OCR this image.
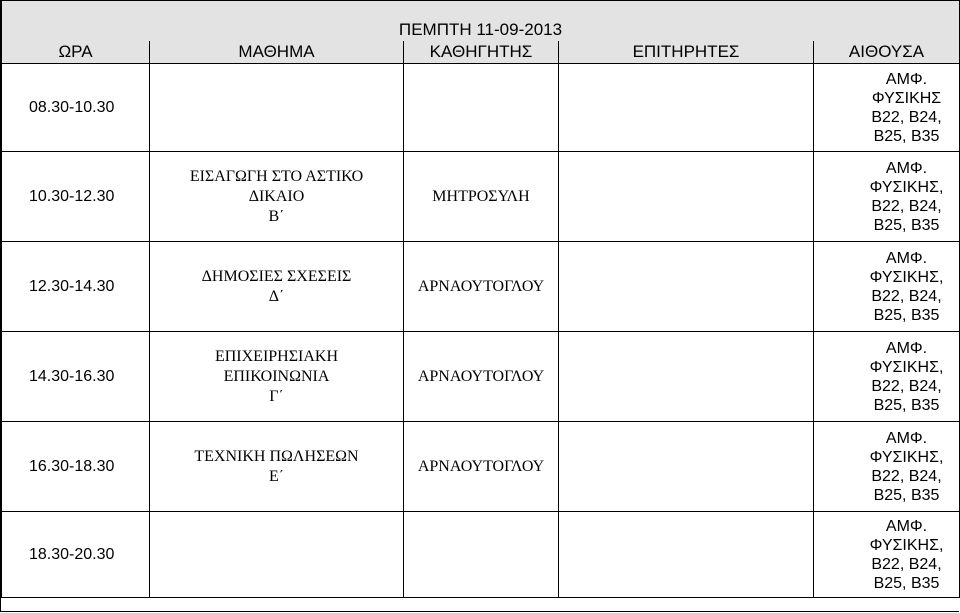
ΠΕΜΠΤΗ 11-09-2013				
ΩΡΑ	ΜΑΘΗΜΑ	ΚΑΘΗΓΗΤΗΣ	ΕΠΙΤΗΡΗΤΕΣ	ΑΙΘΟΥΣΑ
08.30-10.30				ΑΜΦ.
ΦΥΣΙΚΗΣ
Β22, Β24,
Β25, Β35

10.30-12.30	ΕΙΣΑΓΩΓΗ ΣΤΟ ΑΣΤΙΚΟ
ΔΙΚΑΙΟ
Β΄	ΜΗΤΡΟΣΥΛΗ		ΑΜΦ.
ΦΥΣΙΚΗΣ,
Β22, Β24,
Β25, Β35

12.30-14.30	ΔΗΜΟΣΙΕΣ ΣΧΕΣΕΙΣ
Δ΄	ΑΡΝΑΟΥΤΟΓΛΟΥ		ΑΜΦ.
ΦΥΣΙΚΗΣ,
Β22, Β24,
Β25, Β35

14.30-16.30	ΕΠΙΧΕΙΡΗΣΙΑΚΗ
ΕΠΙΚΟΙΝΩΝΙΑ
Γ΄	ΑΡΝΑΟΥΤΟΓΛΟΥ		ΑΜΦ.
ΦΥΣΙΚΗΣ,
Β22, Β24,
Β25, Β35

16.30-18.30	ΤΕΧΝΙΚΗ ΠΩΛΗΣΕΩΝ
Ε΄	ΑΡΝΑΟΥΤΟΓΛΟΥ		ΑΜΦ.
ΦΥΣΙΚΗΣ,
Β22, Β24,
Β25, Β35

18.30-20.30				ΑΜΦ.
ΦΥΣΙΚΗΣ,
Β22, Β24,
Β25, Β35
